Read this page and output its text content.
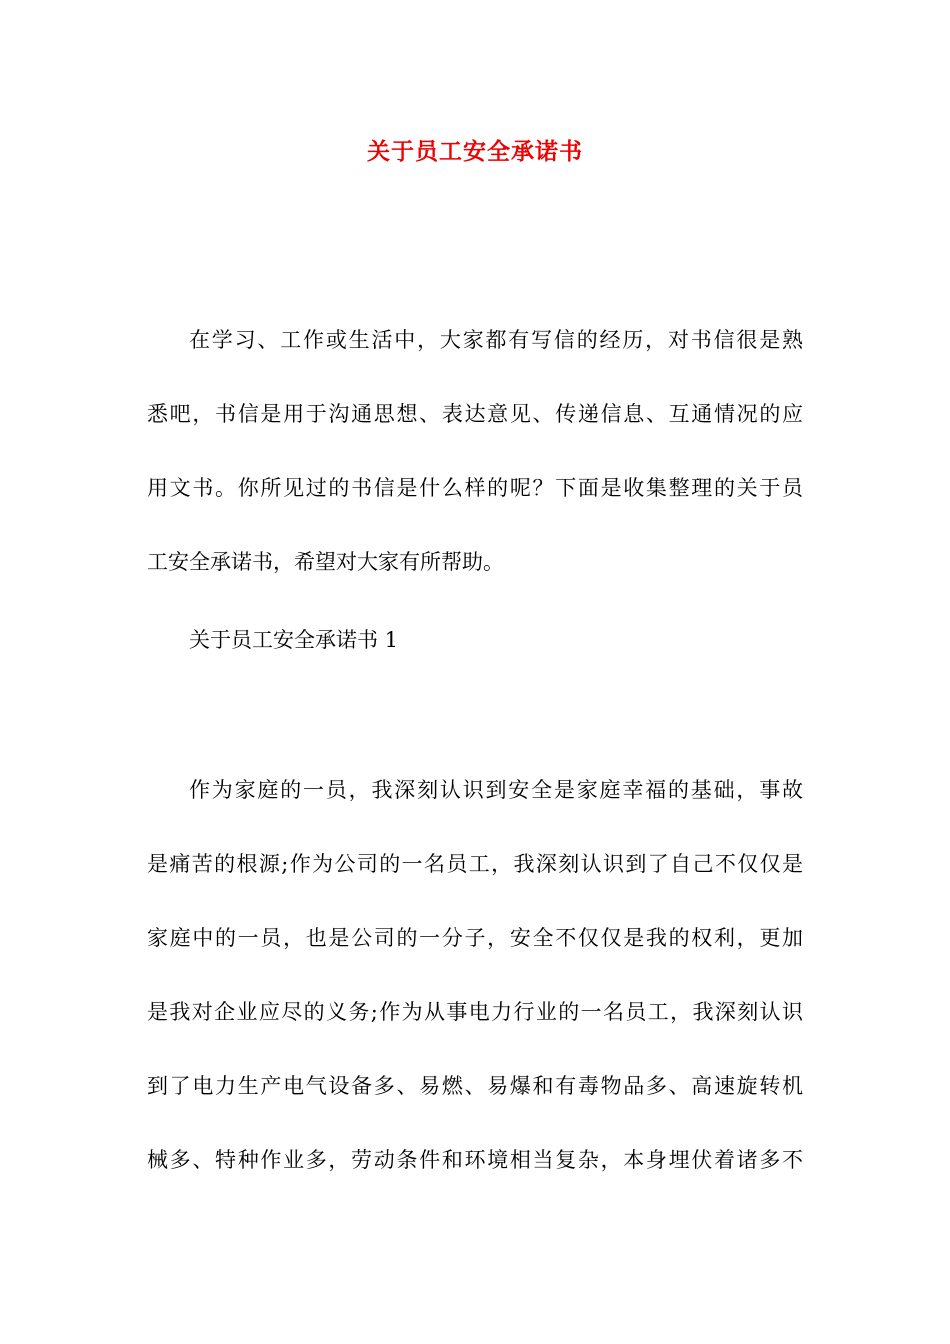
关于员工安全承诺书
在学习、工作或生活中，大家都有写信的经历，对书信很是熟
悉吧，书信是用于沟通思想、表达意见、传递信息、互通情况的应
用文书。你所见过的书信是什么样的呢？下面是收集整理的关于员
工安全承诺书，希望对大家有所帮助。
关于员工安全承诺书 1
作为家庭的一员，我深刻认识到安全是家庭幸福的基础，事故
是痛苦的根源;作为公司的一名员工，我深刻认识到了自己不仅仅是
家庭中的一员，也是公司的一分子，安全不仅仅是我的权利，更加
是我对企业应尽的义务;作为从事电力行业的一名员工，我深刻认识
到了电力生产电气设备多、易燃、易爆和有毒物品多、高速旋转机
械多、特种作业多，劳动条件和环境相当复杂，本身埋伏着诸多不
